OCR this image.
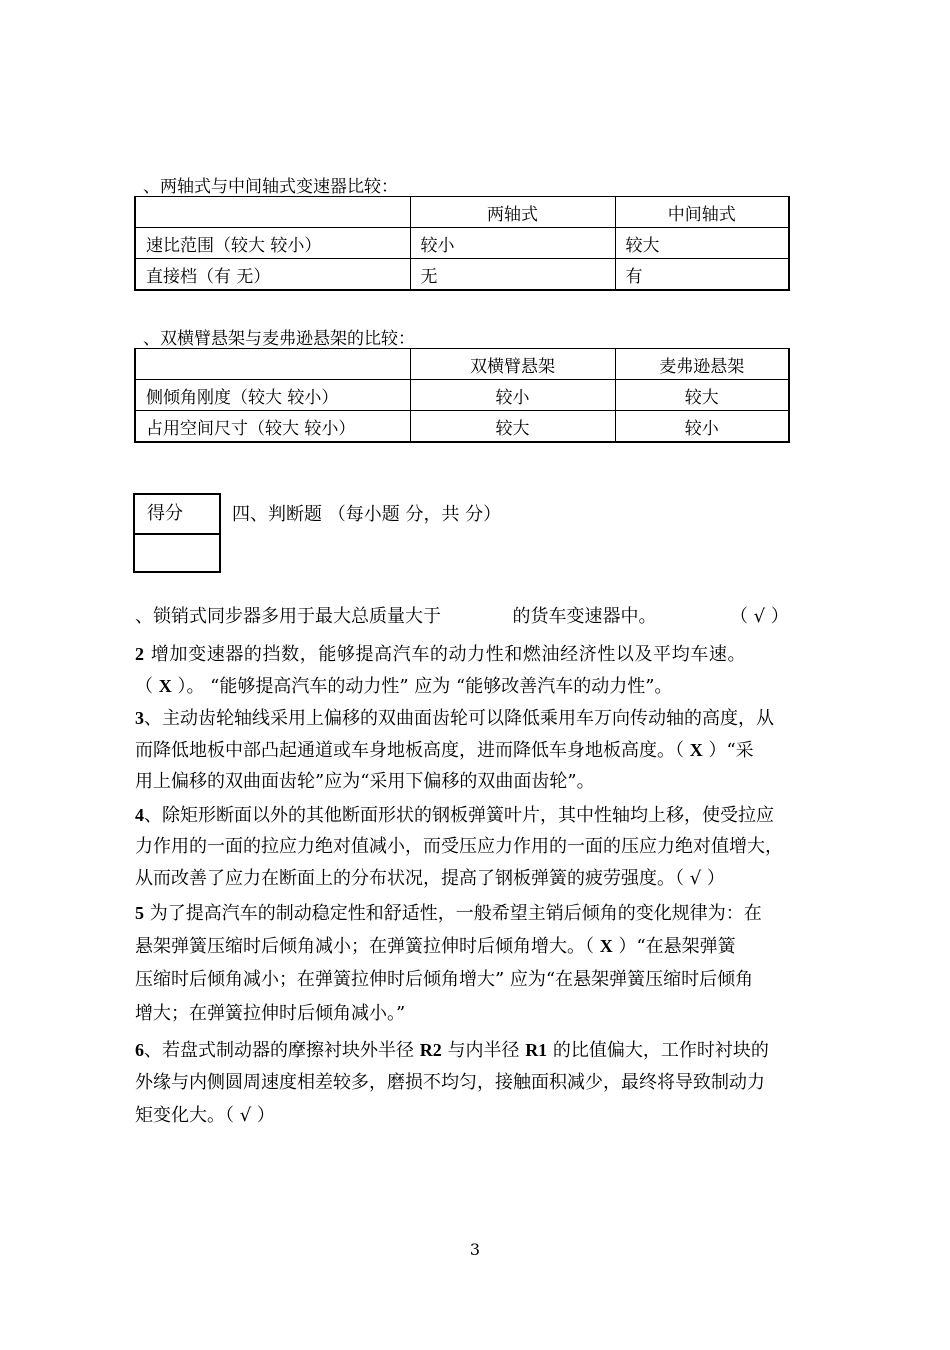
、两轴式与中间轴式变速器比较：
	两轴式	中间轴式
速比范围（较大 较小）	较小	较大
直接档（有 无）	无	有
、双横臂悬架与麦弗逊悬架的比较：
	双横臂悬架	麦弗逊悬架
侧倾角刚度（较大 较小）	较小	较大
占用空间尺寸（较大 较小）	较大	较小
得分	四、判断题 （每小题 分，共 分）
、锁销式同步器多用于最大总质量大于	的货车变速器中。	（ √ ）
2 增加变速器的挡数，能够提高汽车的动力性和燃油经济性以及平均车速。
（ X ）。 “能够提高汽车的动力性” 应为 “能够改善汽车的动力性”。
3、主动齿轮轴线采用上偏移的双曲面齿轮可以降低乘用车万向传动轴的高度，从
而降低地板中部凸起通道或车身地板高度，进而降低车身地板高度。（ X ）“采
用上偏移的双曲面齿轮”应为“采用下偏移的双曲面齿轮”。
4、除矩形断面以外的其他断面形状的钢板弹簧叶片，其中性轴均上移，使受拉应
力作用的一面的拉应力绝对值减小，而受压应力作用的一面的压应力绝对值增大，
从而改善了应力在断面上的分布状况，提高了钢板弹簧的疲劳强度。（ √ ）
5 为了提高汽车的制动稳定性和舒适性，一般希望主销后倾角的变化规律为：在
悬架弹簧压缩时后倾角减小；在弹簧拉伸时后倾角增大。（ X ）“在悬架弹簧
压缩时后倾角减小；在弹簧拉伸时后倾角增大” 应为“在悬架弹簧压缩时后倾角
增大；在弹簧拉伸时后倾角减小。”
6、若盘式制动器的摩擦衬块外半径 R2 与内半径 R1 的比值偏大，工作时衬块的
外缘与内侧圆周速度相差较多，磨损不均匀，接触面积减少，最终将导致制动力
矩变化大。（ √ ）
3
